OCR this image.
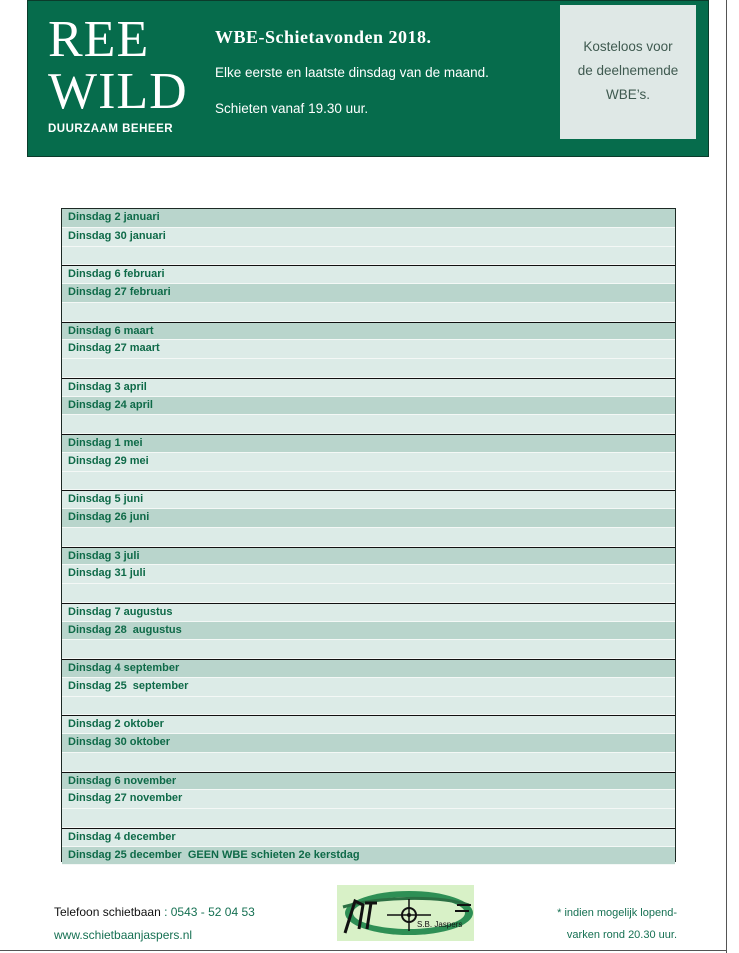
REE
WILD
DUURZAAM BEHEER
WBE-Schietavonden 2018.
Elke eerste en laatste dinsdag van de maand.
Schieten vanaf 19.30 uur.
Kosteloos voor
de deelnemende
WBE’s.
Dinsdag 2 januari
Dinsdag 30 januari
Dinsdag 6 februari
Dinsdag 27 februari
Dinsdag 6 maart
Dinsdag 27 maart
Dinsdag 3 april
Dinsdag 24 april
Dinsdag 1 mei
Dinsdag 29 mei
Dinsdag 5 juni
Dinsdag 26 juni
Dinsdag 3 juli
Dinsdag 31 juli
Dinsdag 7 augustus
Dinsdag 28  augustus
Dinsdag 4 september
Dinsdag 25  september
Dinsdag 2 oktober
Dinsdag 30 oktober
Dinsdag 6 november
Dinsdag 27 november
Dinsdag 4 december
Dinsdag 25 december  GEEN WBE schieten 2e kerstdag
Telefoon schietbaan : 0543 - 52 04 53
www.schietbaanjaspers.nl
S.B. Jaspers
* indien mogelijk lopend-
varken rond 20.30 uur.
